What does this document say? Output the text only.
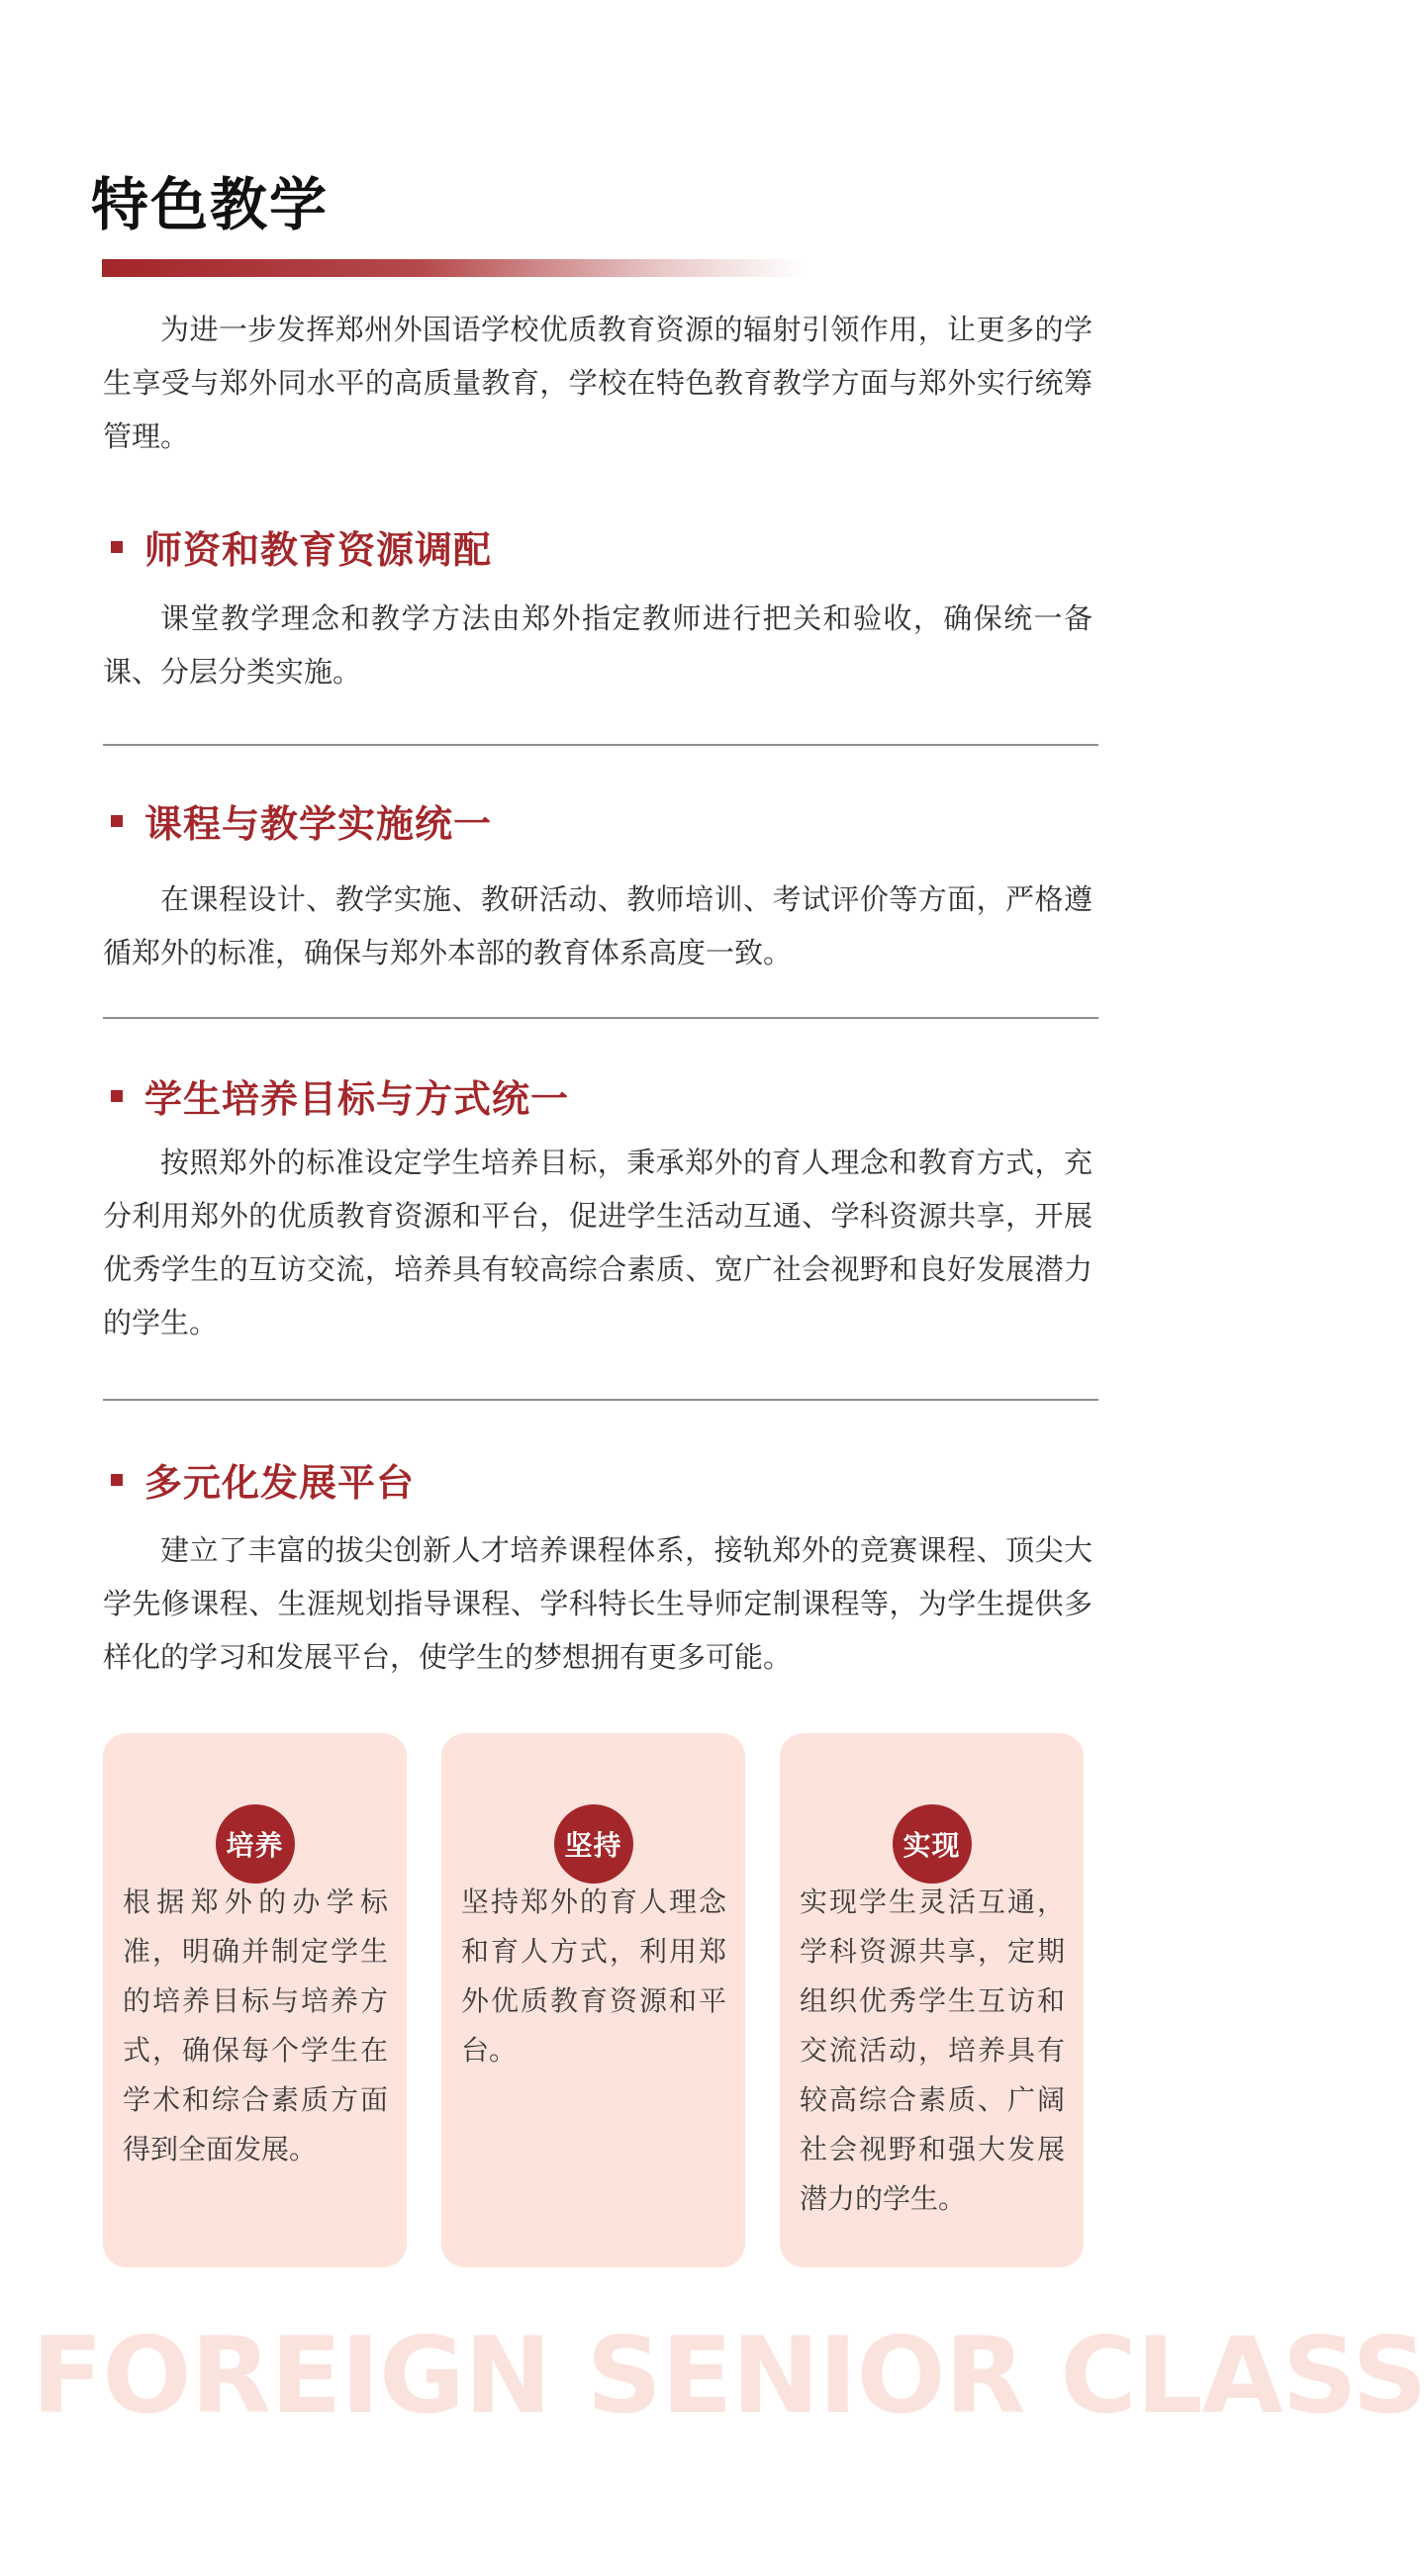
特色教学

为进一步发挥郑州外国语学校优质教育资源的辐射引领作用，让更多的学生享受与郑外同水平的高质量教育，学校在特色教育教学方面与郑外实行统筹管理。

师资和教育资源调配

课堂教学理念和教学方法由郑外指定教师进行把关和验收，确保统一备课、分层分类实施。

课程与教学实施统一

在课程设计、教学实施、教研活动、教师培训、考试评价等方面，严格遵循郑外的标准，确保与郑外本部的教育体系高度一致。

学生培养目标与方式统一

按照郑外的标准设定学生培养目标，秉承郑外的育人理念和教育方式，充分利用郑外的优质教育资源和平台，促进学生活动互通、学科资源共享，开展优秀学生的互访交流，培养具有较高综合素质、宽广社会视野和良好发展潜力的学生。

多元化发展平台

建立了丰富的拔尖创新人才培养课程体系，接轨郑外的竞赛课程、顶尖大学先修课程、生涯规划指导课程、学科特长生导师定制课程等，为学生提供多样化的学习和发展平台，使学生的梦想拥有更多可能。

培养

根据郑外的办学标准，明确并制定学生的培养目标与培养方式，确保每个学生在学术和综合素质方面得到全面发展。

坚持

坚持郑外的育人理念和育人方式，利用郑外优质教育资源和平台。

实现

实现学生灵活互通，学科资源共享，定期组织优秀学生互访和交流活动，培养具有较高综合素质、广阔社会视野和强大发展潜力的学生。

FOREIGN SENIOR CLASS
